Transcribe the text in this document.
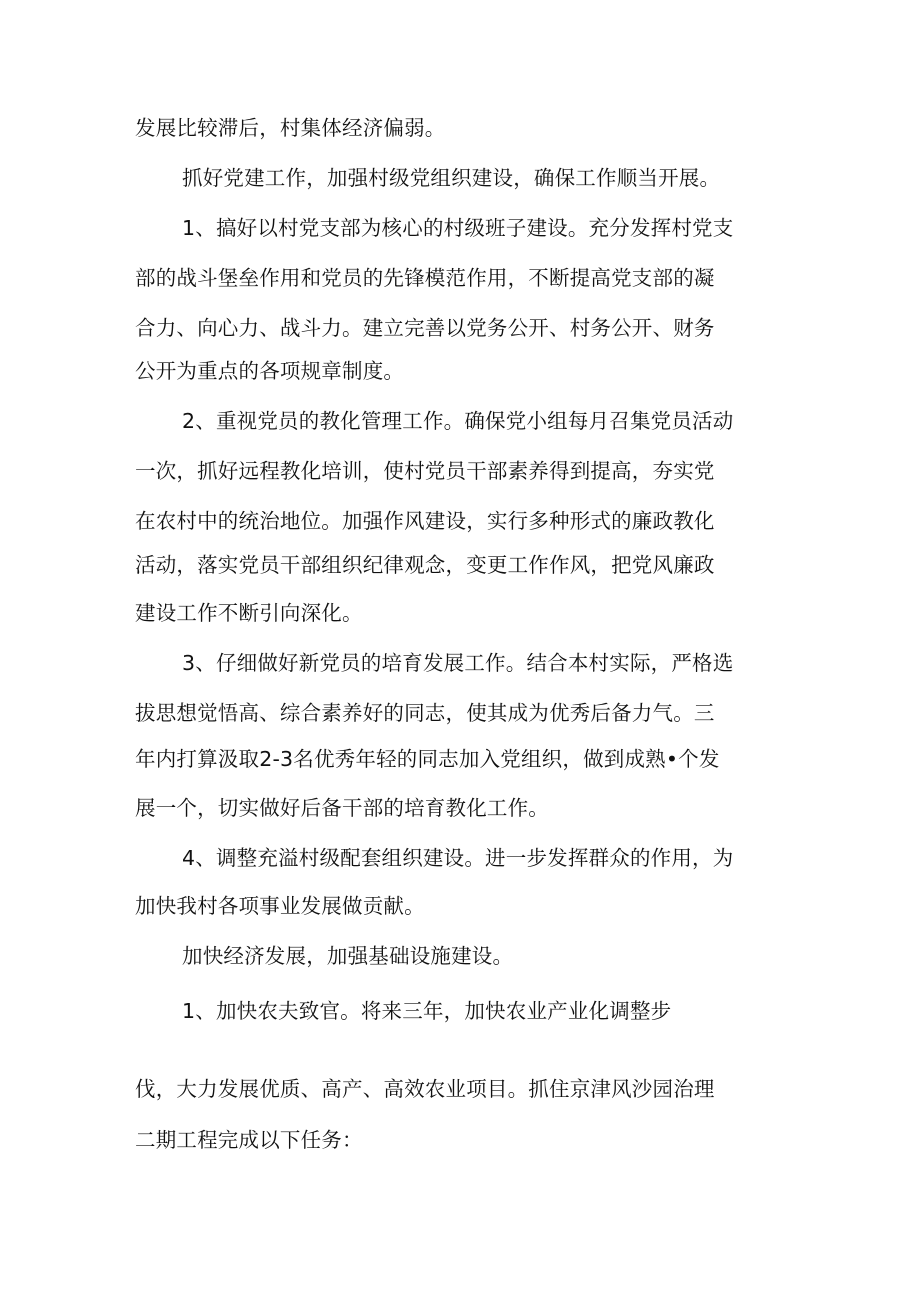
发展比较滞后，村集体经济偏弱。
抓好党建工作，加强村级党组织建设，确保工作顺当开展。
1、搞好以村党支部为核心的村级班子建设。充分发挥村党支
部的战斗堡垒作用和党员的先锋模范作用，不断提高党支部的凝
合力、向心力、战斗力。建立完善以党务公开、村务公开、财务
公开为重点的各项规章制度。
2、重视党员的教化管理工作。确保党小组每月召集党员活动
一次，抓好远程教化培训，使村党员干部素养得到提高，夯实党
在农村中的统治地位。加强作风建设，实行多种形式的廉政教化
活动，落实党员干部组织纪律观念，变更工作作风，把党风廉政
建设工作不断引向深化。
3、仔细做好新党员的培育发展工作。结合本村实际，严格选
拔思想觉悟高、综合素养好的同志，使其成为优秀后备力气。三
年内打算汲取2-3名优秀年轻的同志加入党组织，做到成熟•个发
展一个，切实做好后备干部的培育教化工作。
4、调整充溢村级配套组织建设。进一步发挥群众的作用，为
加快我村各项事业发展做贡献。
加快经济发展，加强基础设施建设。
1、加快农夫致官。将来三年，加快农业产业化调整步
伐，大力发展优质、高产、高效农业项目。抓住京津风沙园治理
二期工程完成以下任务：
